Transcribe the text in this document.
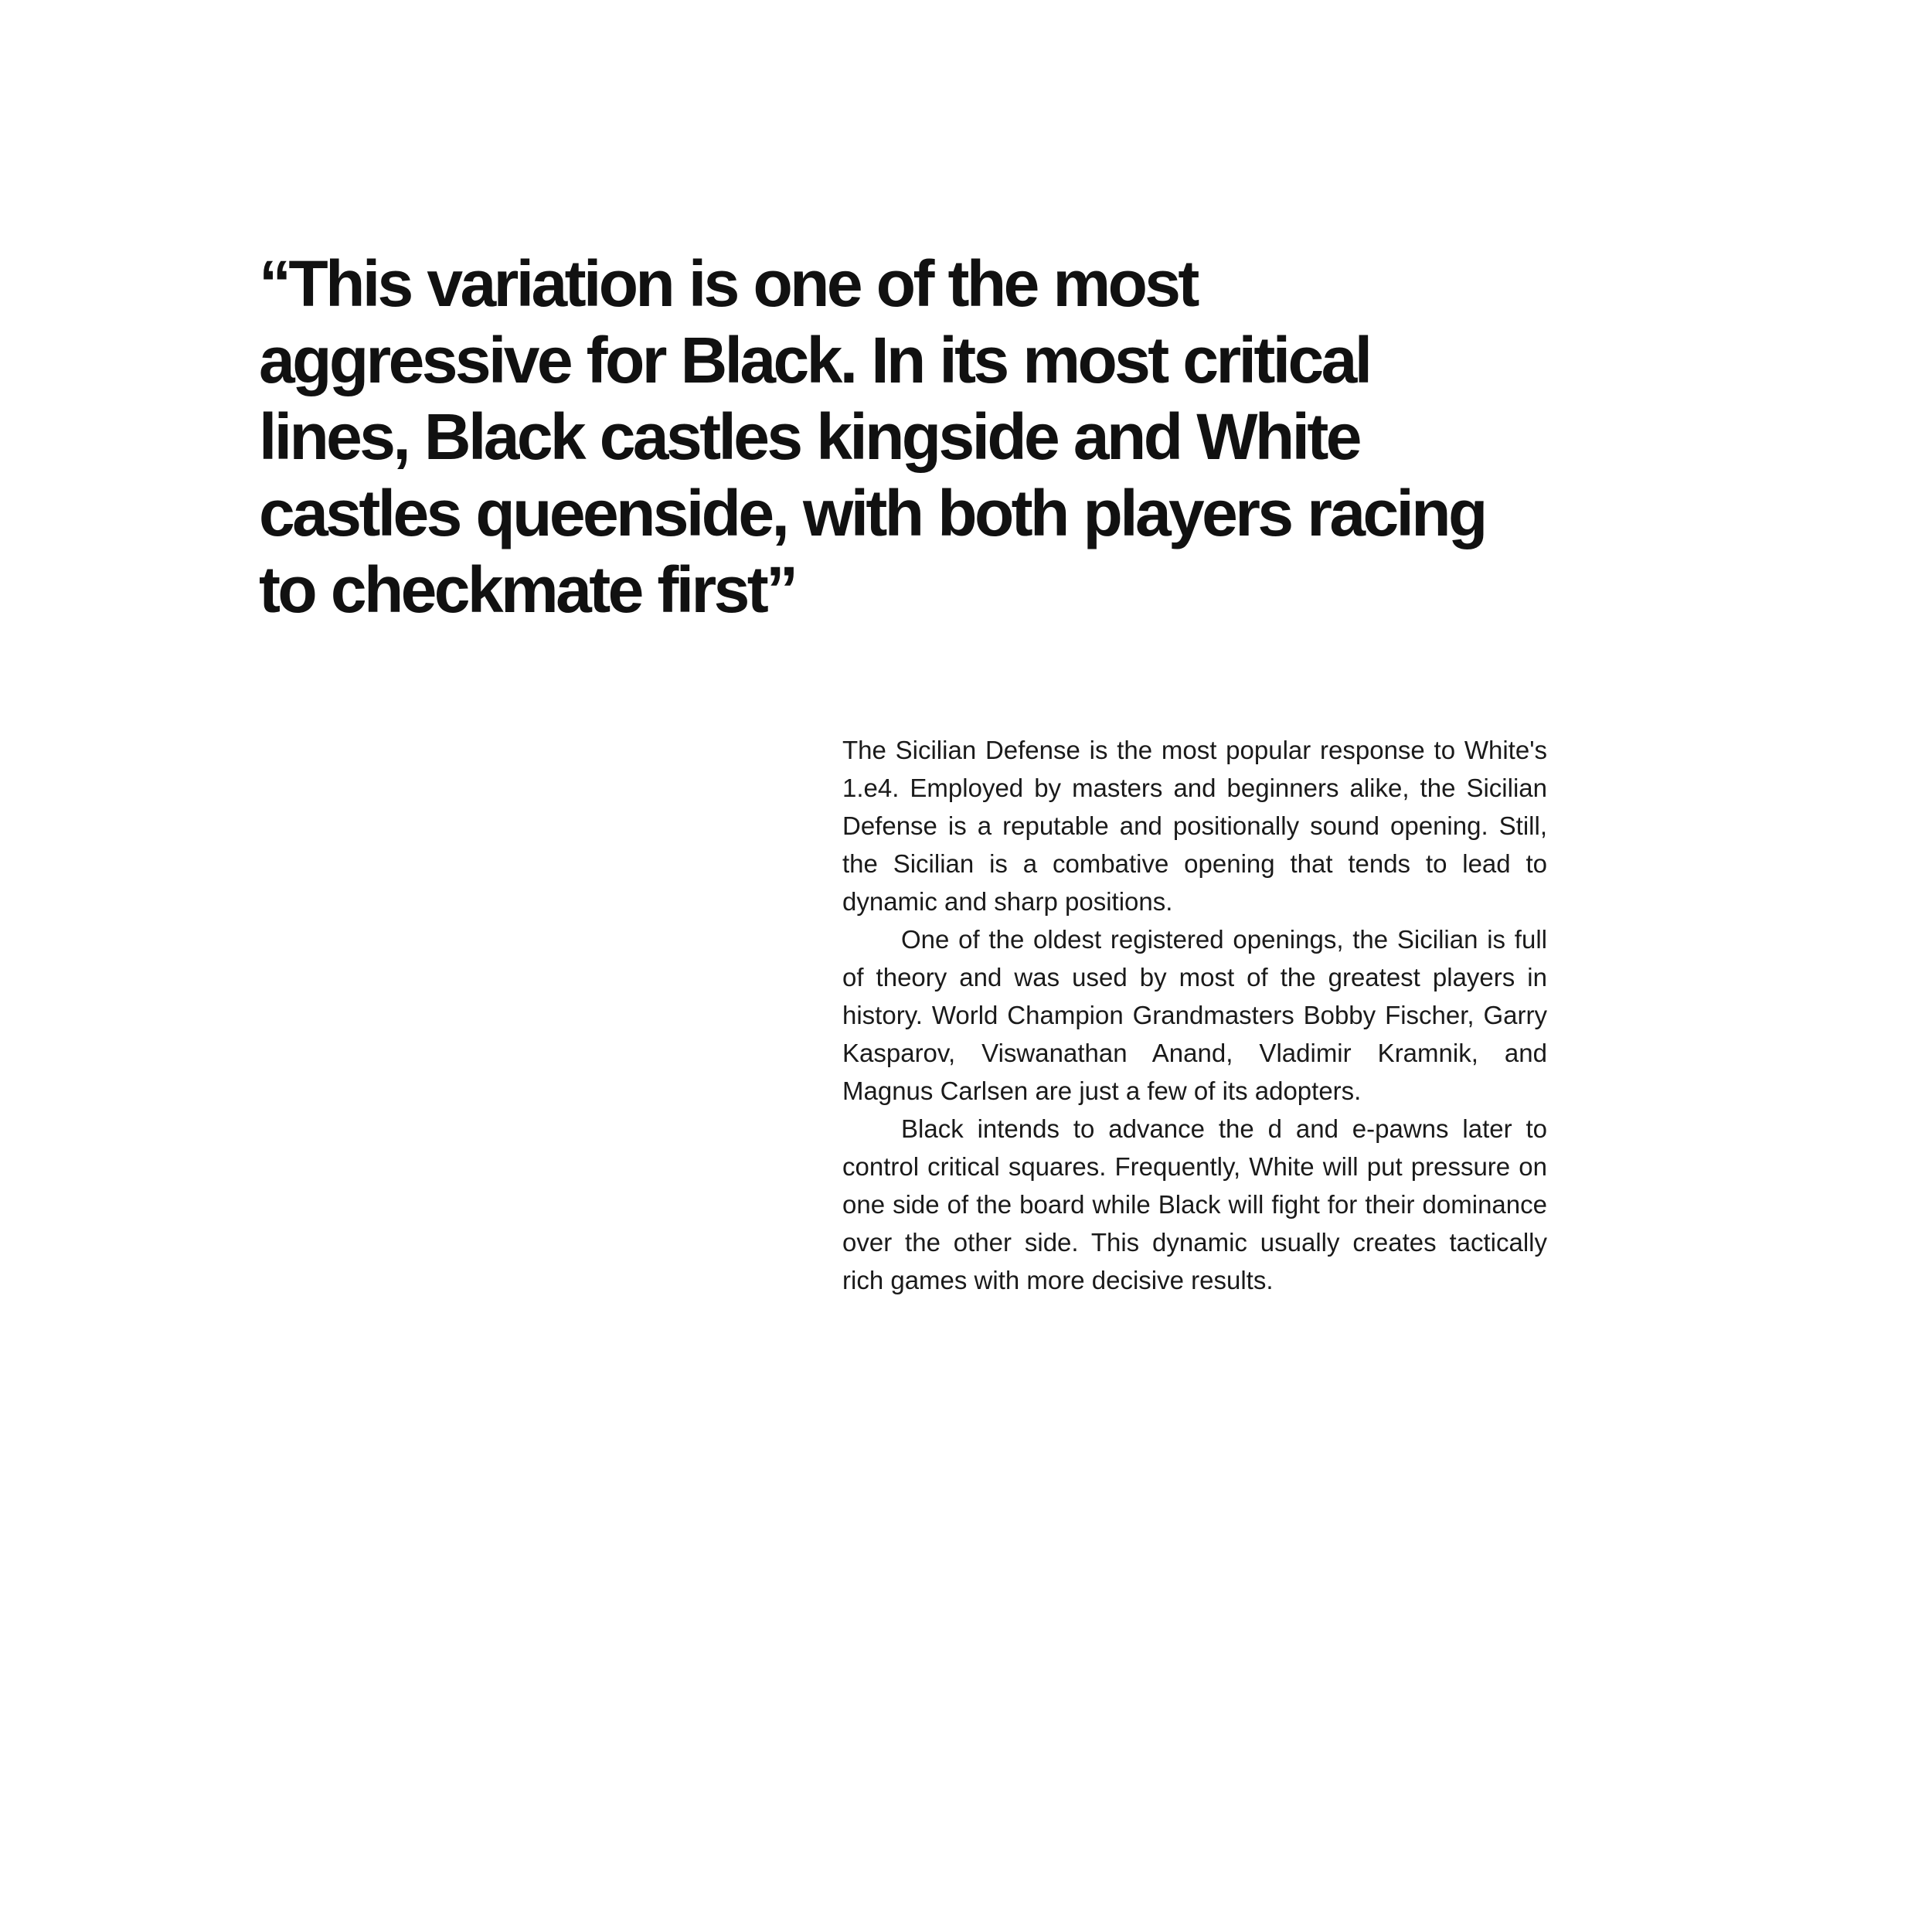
“This variation is one of the most
aggressive for Black. In its most critical
lines, Black castles kingside and White
castles queenside, with both players racing
to checkmate first”

The Sicilian Defense is the most popular response to White's 1.e4. Employed by masters and beginners alike, the Sicilian Defense is a reputable and positionally sound opening. Still, the Sicilian is a combative opening that tends to lead to dynamic and sharp positions.

One of the oldest registered openings, the Sicilian is full of theory and was used by most of the greatest players in history. World Champion Grandmasters Bobby Fischer, Garry Kasparov, Viswanathan Anand, Vladimir Kramnik, and Magnus Carlsen are just a few of its adopters.

Black intends to advance the d and e-pawns later to control critical squares. Frequently, White will put pressure on one side of the board while Black will fight for their dominance over the other side. This dynamic usually creates tactically rich games with more decisive results.
